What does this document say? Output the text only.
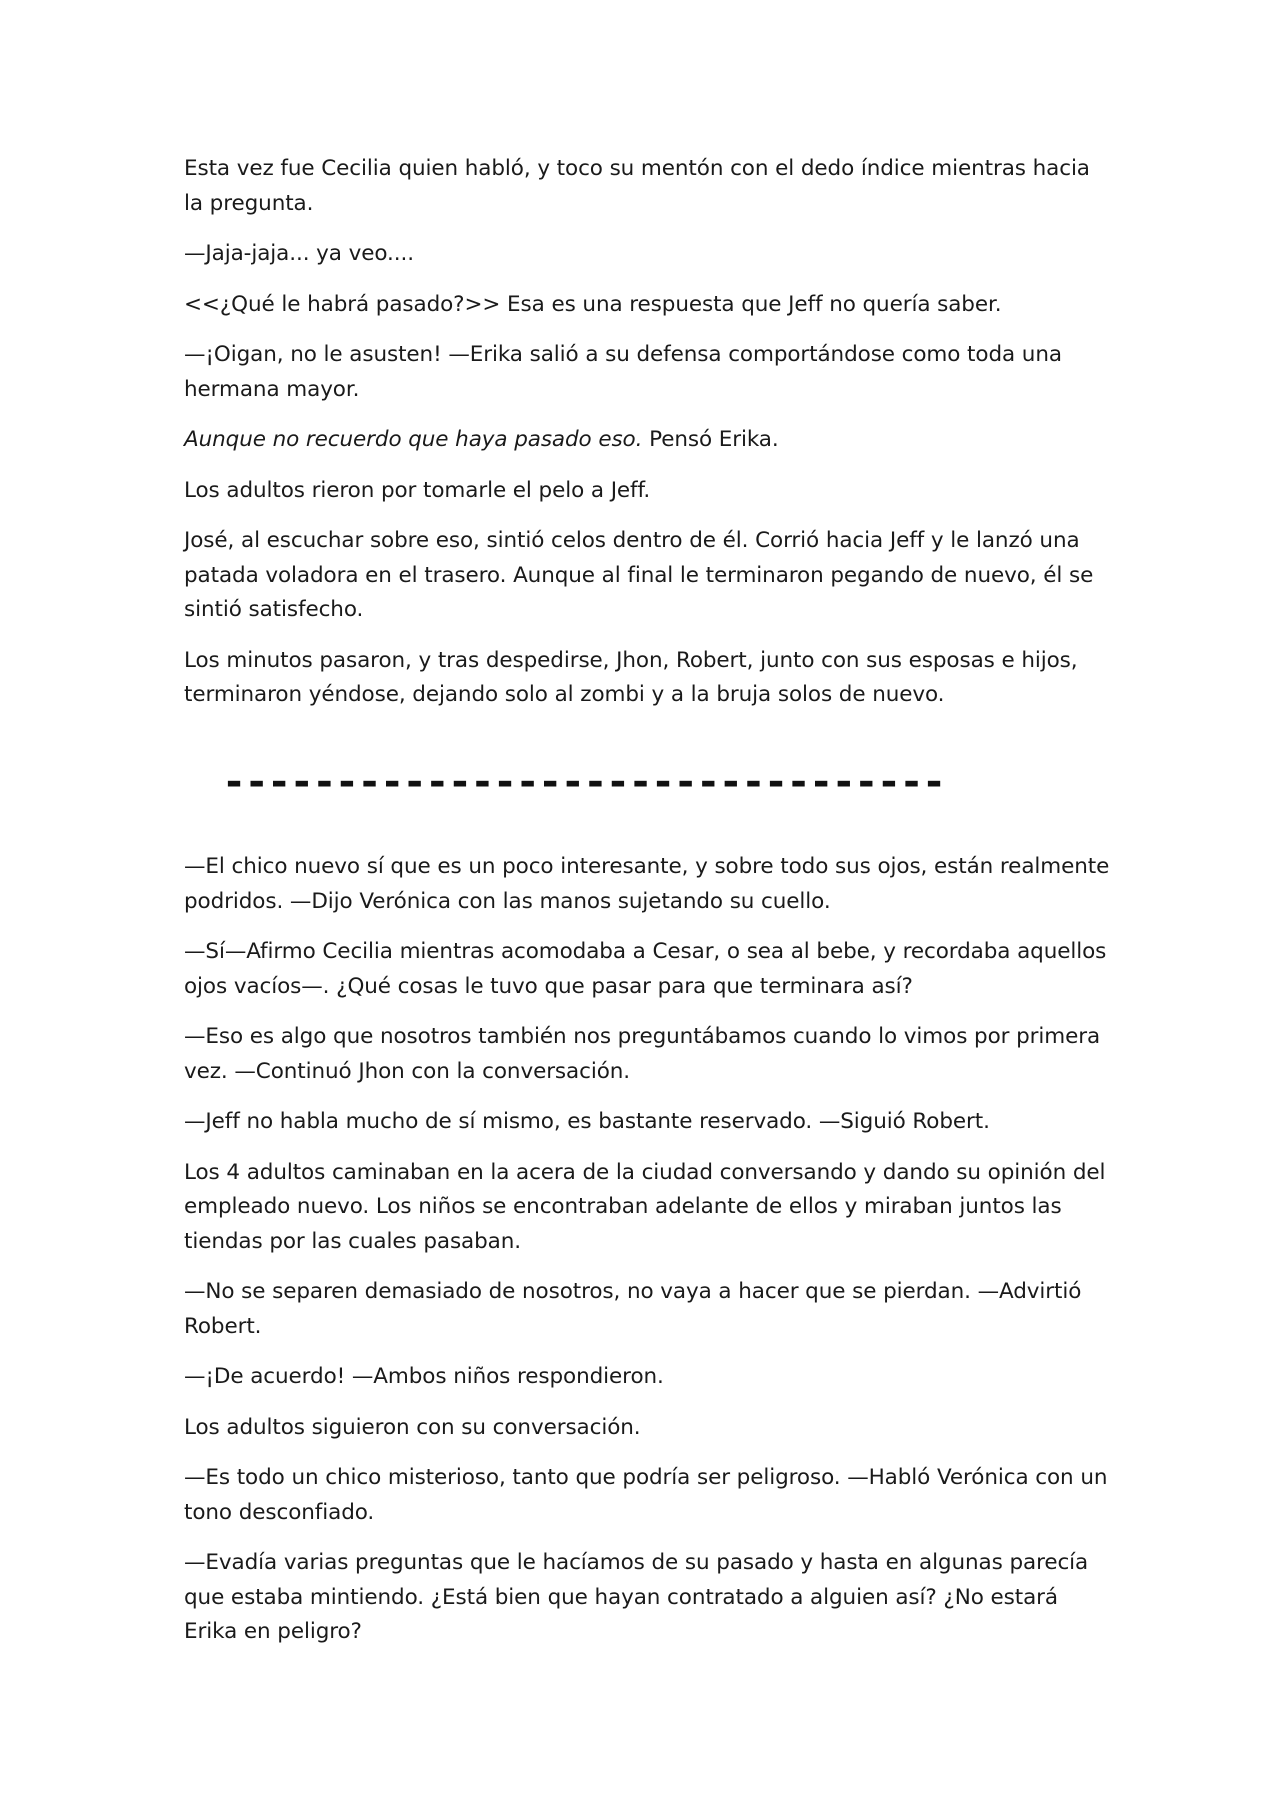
Esta vez fue Cecilia quien habló, y toco su mentón con el dedo índice mientras hacia la pregunta.

—Jaja-jaja... ya veo....

<<¿Qué le habrá pasado?>> Esa es una respuesta que Jeff no quería saber.

—¡Oigan, no le asusten! —Erika salió a su defensa comportándose como toda una hermana mayor.

Aunque no recuerdo que haya pasado eso. Pensó Erika.

Los adultos rieron por tomarle el pelo a Jeff.

José, al escuchar sobre eso, sintió celos dentro de él. Corrió hacia Jeff y le lanzó una patada voladora en el trasero. Aunque al final le terminaron pegando de nuevo, él se sintió satisfecho.

Los minutos pasaron, y tras despedirse, Jhon, Robert, junto con sus esposas e hijos, terminaron yéndose, dejando solo al zombi y a la bruja solos de nuevo.

--------------------------------

—El chico nuevo sí que es un poco interesante, y sobre todo sus ojos, están realmente podridos. —Dijo Verónica con las manos sujetando su cuello.

—Sí—Afirmo Cecilia mientras acomodaba a Cesar, o sea al bebe, y recordaba aquellos ojos vacíos—. ¿Qué cosas le tuvo que pasar para que terminara así?

—Eso es algo que nosotros también nos preguntábamos cuando lo vimos por primera vez. —Continuó Jhon con la conversación.

—Jeff no habla mucho de sí mismo, es bastante reservado. —Siguió Robert.

Los 4 adultos caminaban en la acera de la ciudad conversando y dando su opinión del empleado nuevo. Los niños se encontraban adelante de ellos y miraban juntos las tiendas por las cuales pasaban.

—No se separen demasiado de nosotros, no vaya a hacer que se pierdan. —Advirtió Robert.

—¡De acuerdo! —Ambos niños respondieron.

Los adultos siguieron con su conversación.

—Es todo un chico misterioso, tanto que podría ser peligroso. —Habló Verónica con un tono desconfiado.

—Evadía varias preguntas que le hacíamos de su pasado y hasta en algunas parecía que estaba mintiendo. ¿Está bien que hayan contratado a alguien así? ¿No estará Erika en peligro?
